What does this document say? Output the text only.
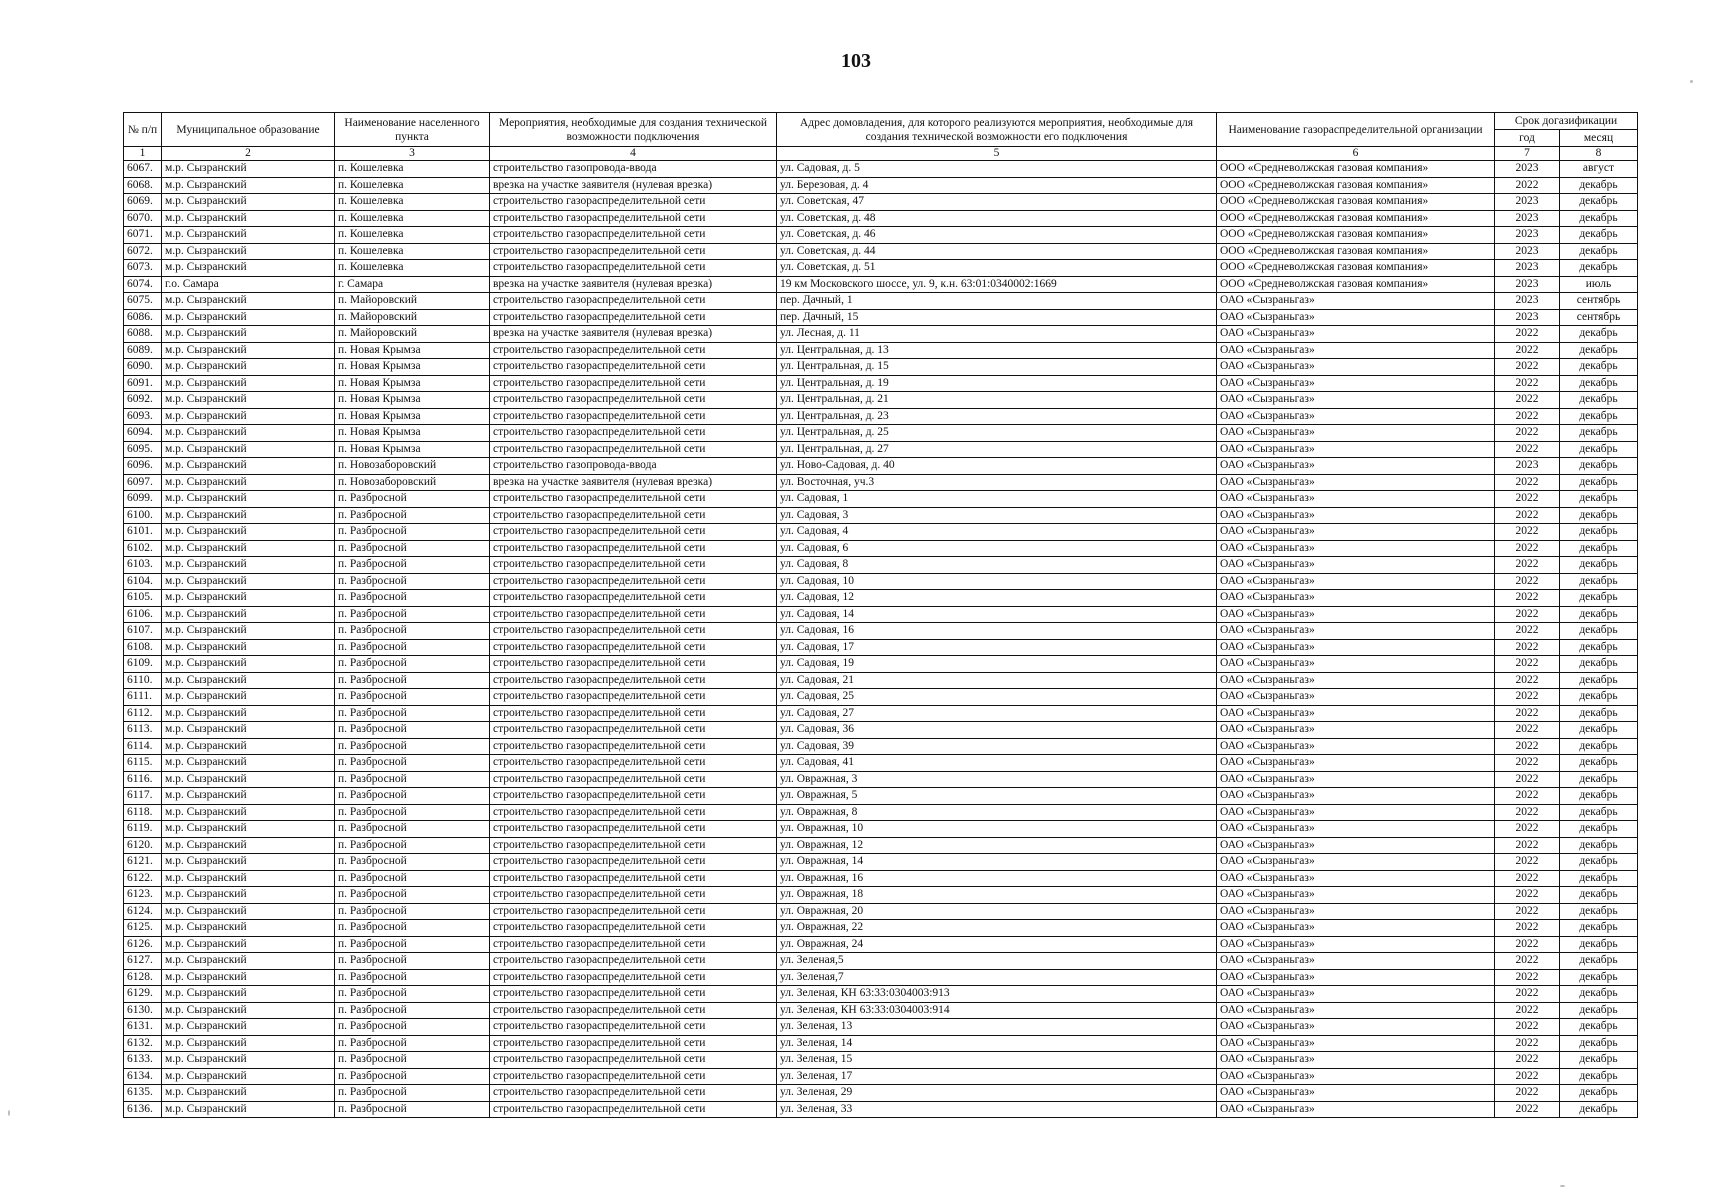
103
№ п/п	Муниципальное образование	Наименование населенного пункта	Мероприятия, необходимые для создания технической возможности подключения	Адрес домовладения, для которого реализуются мероприятия, необходимые для создания технической возможности его подключения	Наименование газораспределительной организации	Срок догазификации	
						год	месяц
1	2	3	4	5	6	7	8
6067.	м.р. Сызранский	п. Кошелевка	строительство газопровода-ввода	ул. Садовая, д. 5	ООО «Средневолжская газовая компания»	2023	август
6068.	м.р. Сызранский	п. Кошелевка	врезка на участке заявителя (нулевая врезка)	ул. Березовая, д. 4	ООО «Средневолжская газовая компания»	2022	декабрь
6069.	м.р. Сызранский	п. Кошелевка	строительство газораспределительной сети	ул. Советская, 47	ООО «Средневолжская газовая компания»	2023	декабрь
6070.	м.р. Сызранский	п. Кошелевка	строительство газораспределительной сети	ул. Советская, д. 48	ООО «Средневолжская газовая компания»	2023	декабрь
6071.	м.р. Сызранский	п. Кошелевка	строительство газораспределительной сети	ул. Советская, д. 46	ООО «Средневолжская газовая компания»	2023	декабрь
6072.	м.р. Сызранский	п. Кошелевка	строительство газораспределительной сети	ул. Советская, д. 44	ООО «Средневолжская газовая компания»	2023	декабрь
6073.	м.р. Сызранский	п. Кошелевка	строительство газораспределительной сети	ул. Советская, д. 51	ООО «Средневолжская газовая компания»	2023	декабрь
6074.	г.о. Самара	г. Самара	врезка на участке заявителя (нулевая врезка)	19 км Московского шоссе, ул. 9, к.н. 63:01:0340002:1669	ООО «Средневолжская газовая компания»	2023	июль
6075.	м.р. Сызранский	п. Майоровский	строительство газораспределительной сети	пер. Дачный, 1	ОАО «Сызраньгаз»	2023	сентябрь
6086.	м.р. Сызранский	п. Майоровский	строительство газораспределительной сети	пер. Дачный, 15	ОАО «Сызраньгаз»	2023	сентябрь
6088.	м.р. Сызранский	п. Майоровский	врезка на участке заявителя (нулевая врезка)	ул. Лесная, д. 11	ОАО «Сызраньгаз»	2022	декабрь
6089.	м.р. Сызранский	п. Новая Крымза	строительство газораспределительной сети	ул. Центральная, д. 13	ОАО «Сызраньгаз»	2022	декабрь
6090.	м.р. Сызранский	п. Новая Крымза	строительство газораспределительной сети	ул. Центральная, д. 15	ОАО «Сызраньгаз»	2022	декабрь
6091.	м.р. Сызранский	п. Новая Крымза	строительство газораспределительной сети	ул. Центральная, д. 19	ОАО «Сызраньгаз»	2022	декабрь
6092.	м.р. Сызранский	п. Новая Крымза	строительство газораспределительной сети	ул. Центральная, д. 21	ОАО «Сызраньгаз»	2022	декабрь
6093.	м.р. Сызранский	п. Новая Крымза	строительство газораспределительной сети	ул. Центральная, д. 23	ОАО «Сызраньгаз»	2022	декабрь
6094.	м.р. Сызранский	п. Новая Крымза	строительство газораспределительной сети	ул. Центральная, д. 25	ОАО «Сызраньгаз»	2022	декабрь
6095.	м.р. Сызранский	п. Новая Крымза	строительство газораспределительной сети	ул. Центральная, д. 27	ОАО «Сызраньгаз»	2022	декабрь
6096.	м.р. Сызранский	п. Новозаборовский	строительство газопровода-ввода	ул. Ново-Садовая, д. 40	ОАО «Сызраньгаз»	2023	декабрь
6097.	м.р. Сызранский	п. Новозаборовский	врезка на участке заявителя (нулевая врезка)	ул. Восточная, уч.3	ОАО «Сызраньгаз»	2022	декабрь
6099.	м.р. Сызранский	п. Разбросной	строительство газораспределительной сети	ул. Садовая, 1	ОАО «Сызраньгаз»	2022	декабрь
6100.	м.р. Сызранский	п. Разбросной	строительство газораспределительной сети	ул. Садовая, 3	ОАО «Сызраньгаз»	2022	декабрь
6101.	м.р. Сызранский	п. Разбросной	строительство газораспределительной сети	ул. Садовая, 4	ОАО «Сызраньгаз»	2022	декабрь
6102.	м.р. Сызранский	п. Разбросной	строительство газораспределительной сети	ул. Садовая, 6	ОАО «Сызраньгаз»	2022	декабрь
6103.	м.р. Сызранский	п. Разбросной	строительство газораспределительной сети	ул. Садовая, 8	ОАО «Сызраньгаз»	2022	декабрь
6104.	м.р. Сызранский	п. Разбросной	строительство газораспределительной сети	ул. Садовая, 10	ОАО «Сызраньгаз»	2022	декабрь
6105.	м.р. Сызранский	п. Разбросной	строительство газораспределительной сети	ул. Садовая, 12	ОАО «Сызраньгаз»	2022	декабрь
6106.	м.р. Сызранский	п. Разбросной	строительство газораспределительной сети	ул. Садовая, 14	ОАО «Сызраньгаз»	2022	декабрь
6107.	м.р. Сызранский	п. Разбросной	строительство газораспределительной сети	ул. Садовая, 16	ОАО «Сызраньгаз»	2022	декабрь
6108.	м.р. Сызранский	п. Разбросной	строительство газораспределительной сети	ул. Садовая, 17	ОАО «Сызраньгаз»	2022	декабрь
6109.	м.р. Сызранский	п. Разбросной	строительство газораспределительной сети	ул. Садовая, 19	ОАО «Сызраньгаз»	2022	декабрь
6110.	м.р. Сызранский	п. Разбросной	строительство газораспределительной сети	ул. Садовая, 21	ОАО «Сызраньгаз»	2022	декабрь
6111.	м.р. Сызранский	п. Разбросной	строительство газораспределительной сети	ул. Садовая, 25	ОАО «Сызраньгаз»	2022	декабрь
6112.	м.р. Сызранский	п. Разбросной	строительство газораспределительной сети	ул. Садовая, 27	ОАО «Сызраньгаз»	2022	декабрь
6113.	м.р. Сызранский	п. Разбросной	строительство газораспределительной сети	ул. Садовая, 36	ОАО «Сызраньгаз»	2022	декабрь
6114.	м.р. Сызранский	п. Разбросной	строительство газораспределительной сети	ул. Садовая, 39	ОАО «Сызраньгаз»	2022	декабрь
6115.	м.р. Сызранский	п. Разбросной	строительство газораспределительной сети	ул. Садовая, 41	ОАО «Сызраньгаз»	2022	декабрь
6116.	м.р. Сызранский	п. Разбросной	строительство газораспределительной сети	ул. Овражная, 3	ОАО «Сызраньгаз»	2022	декабрь
6117.	м.р. Сызранский	п. Разбросной	строительство газораспределительной сети	ул. Овражная, 5	ОАО «Сызраньгаз»	2022	декабрь
6118.	м.р. Сызранский	п. Разбросной	строительство газораспределительной сети	ул. Овражная, 8	ОАО «Сызраньгаз»	2022	декабрь
6119.	м.р. Сызранский	п. Разбросной	строительство газораспределительной сети	ул. Овражная, 10	ОАО «Сызраньгаз»	2022	декабрь
6120.	м.р. Сызранский	п. Разбросной	строительство газораспределительной сети	ул. Овражная, 12	ОАО «Сызраньгаз»	2022	декабрь
6121.	м.р. Сызранский	п. Разбросной	строительство газораспределительной сети	ул. Овражная, 14	ОАО «Сызраньгаз»	2022	декабрь
6122.	м.р. Сызранский	п. Разбросной	строительство газораспределительной сети	ул. Овражная, 16	ОАО «Сызраньгаз»	2022	декабрь
6123.	м.р. Сызранский	п. Разбросной	строительство газораспределительной сети	ул. Овражная, 18	ОАО «Сызраньгаз»	2022	декабрь
6124.	м.р. Сызранский	п. Разбросной	строительство газораспределительной сети	ул. Овражная, 20	ОАО «Сызраньгаз»	2022	декабрь
6125.	м.р. Сызранский	п. Разбросной	строительство газораспределительной сети	ул. Овражная, 22	ОАО «Сызраньгаз»	2022	декабрь
6126.	м.р. Сызранский	п. Разбросной	строительство газораспределительной сети	ул. Овражная, 24	ОАО «Сызраньгаз»	2022	декабрь
6127.	м.р. Сызранский	п. Разбросной	строительство газораспределительной сети	ул. Зеленая,5	ОАО «Сызраньгаз»	2022	декабрь
6128.	м.р. Сызранский	п. Разбросной	строительство газораспределительной сети	ул. Зеленая,7	ОАО «Сызраньгаз»	2022	декабрь
6129.	м.р. Сызранский	п. Разбросной	строительство газораспределительной сети	ул. Зеленая, КН 63:33:0304003:913	ОАО «Сызраньгаз»	2022	декабрь
6130.	м.р. Сызранский	п. Разбросной	строительство газораспределительной сети	ул. Зеленая, КН 63:33:0304003:914	ОАО «Сызраньгаз»	2022	декабрь
6131.	м.р. Сызранский	п. Разбросной	строительство газораспределительной сети	ул. Зеленая, 13	ОАО «Сызраньгаз»	2022	декабрь
6132.	м.р. Сызранский	п. Разбросной	строительство газораспределительной сети	ул. Зеленая, 14	ОАО «Сызраньгаз»	2022	декабрь
6133.	м.р. Сызранский	п. Разбросной	строительство газораспределительной сети	ул. Зеленая, 15	ОАО «Сызраньгаз»	2022	декабрь
6134.	м.р. Сызранский	п. Разбросной	строительство газораспределительной сети	ул. Зеленая, 17	ОАО «Сызраньгаз»	2022	декабрь
6135.	м.р. Сызранский	п. Разбросной	строительство газораспределительной сети	ул. Зеленая, 29	ОАО «Сызраньгаз»	2022	декабрь
6136.	м.р. Сызранский	п. Разбросной	строительство газораспределительной сети	ул. Зеленая, 33	ОАО «Сызраньгаз»	2022	декабрь
